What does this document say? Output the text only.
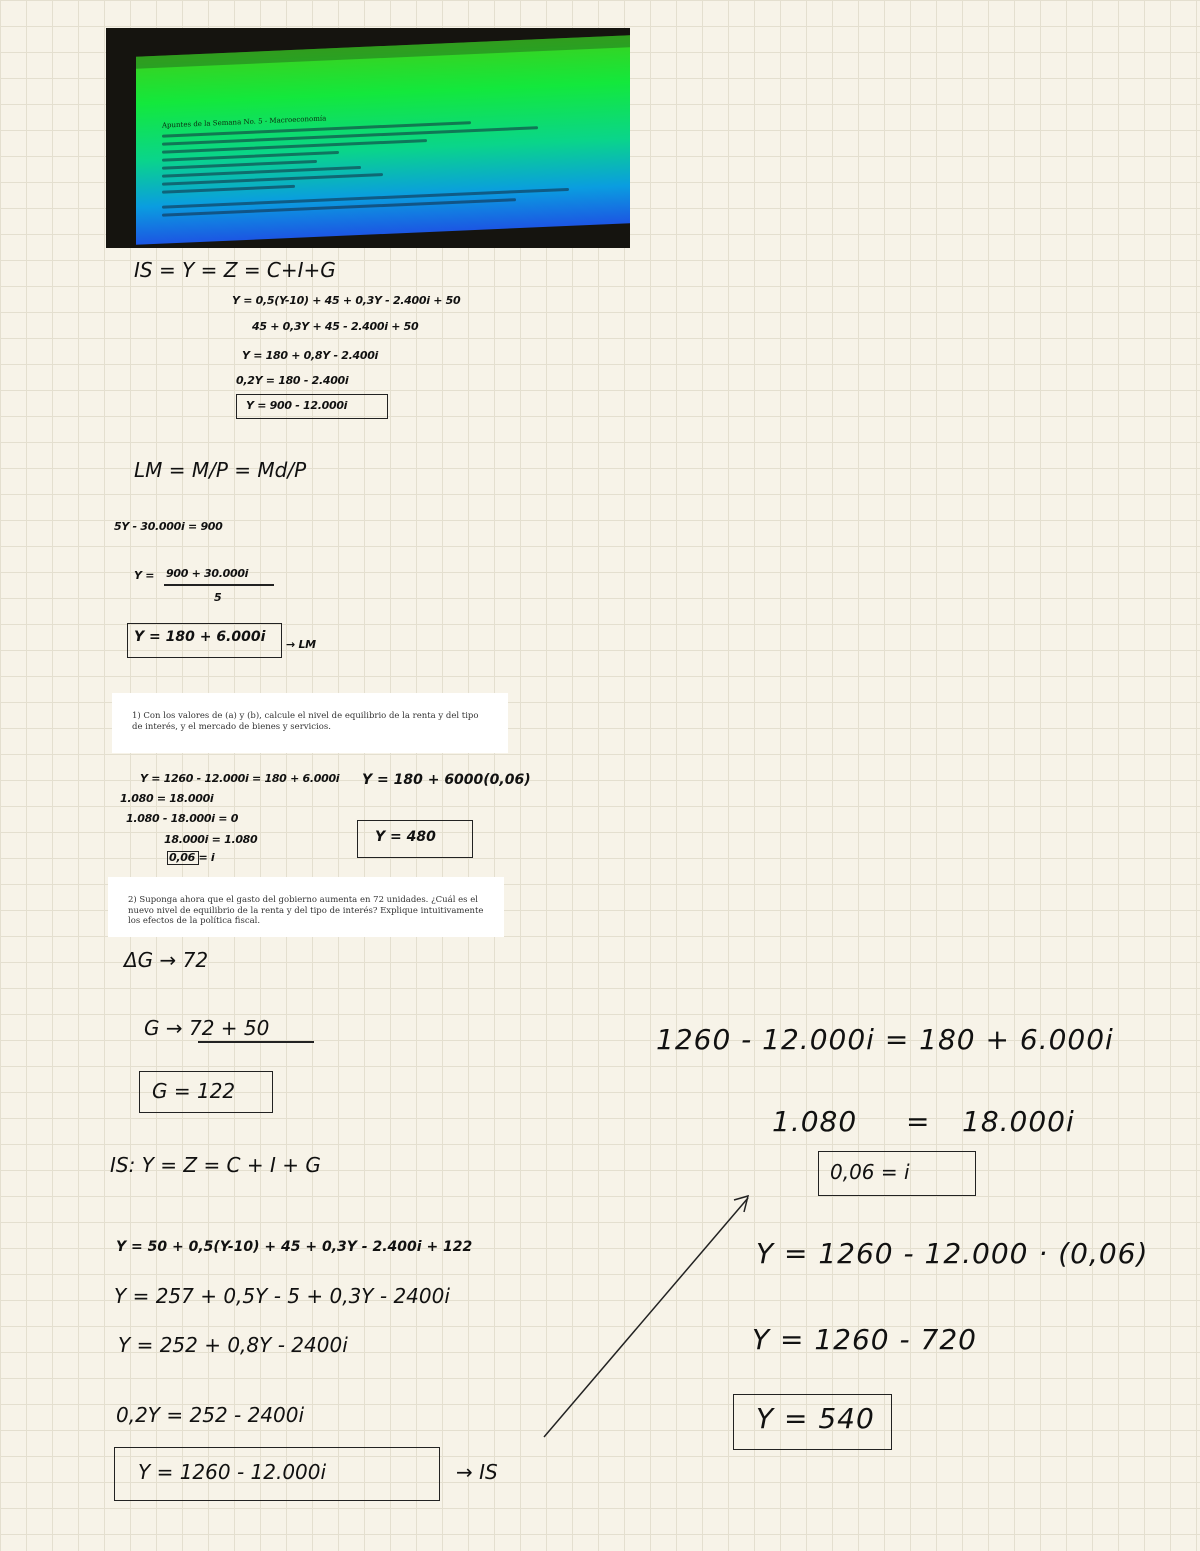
Apuntes de la Semana No. 5 - Macroeconomía
IS = Y = Z = C+I+G
Y = 0,5(Y-10) + 45 + 0,3Y - 2.400i + 50
45 + 0,3Y + 45 - 2.400i + 50
Y = 180 + 0,8Y - 2.400i
0,2Y = 180 - 2.400i
Y = 900 - 12.000i
LM = M/P = Md/P
5Y - 30.000i = 900
Y = 900 + 30.000i
5
Y = 180 + 6.000i → LM
1) Con los valores de (a) y (b), calcule el nivel de equilibrio de la renta y del tipo de interés, y el mercado de bienes y servicios.
Y = 1260 - 12.000i = 180 + 6.000i
1.080 = 18.000i
1.080 - 18.000i = 0
18.000i = 1.080
0,06 = i
Y = 180 + 6000(0,06)
Y = 480
2) Suponga ahora que el gasto del gobierno aumenta en 72 unidades. ¿Cuál es el nuevo nivel de equilibrio de la renta y del tipo de interés? Explique intuitivamente los efectos de la política fiscal.
ΔG → 72
G → 72 + 50
G = 122
IS: Y = Z = C + I + G
Y = 50 + 0,5(Y-10) + 45 + 0,3Y - 2.400i + 122
Y = 257 + 0,5Y - 5 + 0,3Y - 2400i
Y = 252 + 0,8Y - 2400i
0,2Y = 252 - 2400i
Y = 1260 - 12.000i	→ IS
1260 - 12.000i = 180 + 6.000i
1.080 = 18.000i
0,06 = i
Y = 1260 - 12.000 · (0,06)
Y = 1260 - 720
Y = 540
